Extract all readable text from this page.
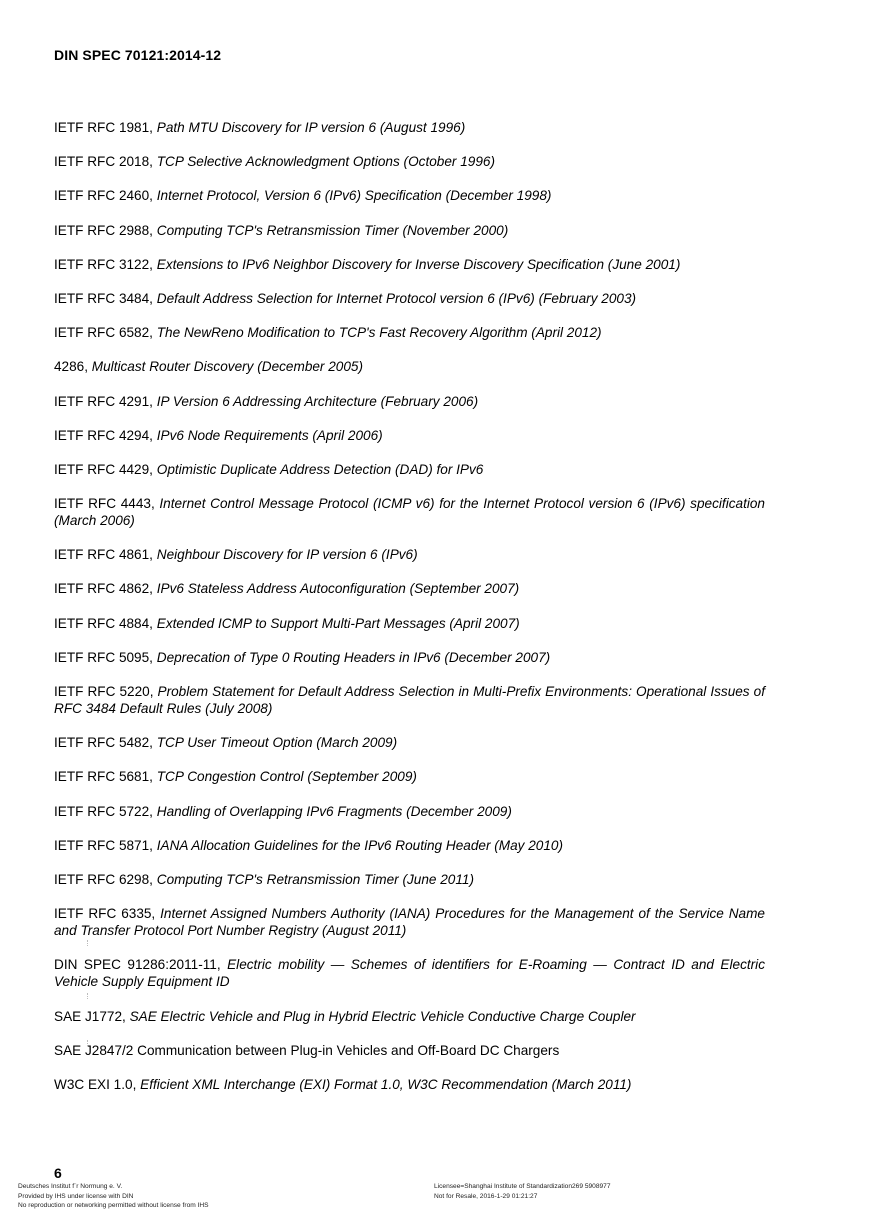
DIN SPEC 70121:2014-12

IETF RFC 1981, Path MTU Discovery for IP version 6 (August 1996)

IETF RFC 2018, TCP Selective Acknowledgment Options (October 1996)

IETF RFC 2460, Internet Protocol, Version 6 (IPv6) Specification (December 1998)

IETF RFC 2988, Computing TCP's Retransmission Timer (November 2000)

IETF RFC 3122, Extensions to IPv6 Neighbor Discovery for Inverse Discovery Specification (June 2001)

IETF RFC 3484, Default Address Selection for Internet Protocol version 6 (IPv6) (February 2003)

IETF RFC 6582, The NewReno Modification to TCP's Fast Recovery Algorithm (April 2012)

4286, Multicast Router Discovery (December 2005)

IETF RFC 4291, IP Version 6 Addressing Architecture (February 2006)

IETF RFC 4294, IPv6 Node Requirements (April 2006)

IETF RFC 4429, Optimistic Duplicate Address Detection (DAD) for IPv6

IETF RFC 4443, Internet Control Message Protocol (ICMP v6) for the Internet Protocol version 6 (IPv6) specification (March 2006)

IETF RFC 4861, Neighbour Discovery for IP version 6 (IPv6)

IETF RFC 4862, IPv6 Stateless Address Autoconfiguration (September 2007)

IETF RFC 4884, Extended ICMP to Support Multi-Part Messages (April 2007)

IETF RFC 5095, Deprecation of Type 0 Routing Headers in IPv6 (December 2007)

IETF RFC 5220, Problem Statement for Default Address Selection in Multi-Prefix Environments: Operational Issues of RFC 3484 Default Rules (July 2008)

IETF RFC 5482, TCP User Timeout Option (March 2009)

IETF RFC 5681, TCP Congestion Control (September 2009)

IETF RFC 5722, Handling of Overlapping IPv6 Fragments (December 2009)

IETF RFC 5871, IANA Allocation Guidelines for the IPv6 Routing Header (May 2010)

IETF RFC 6298, Computing TCP's Retransmission Timer (June 2011)

IETF RFC 6335, Internet Assigned Numbers Authority (IANA) Procedures for the Management of the Service Name and Transfer Protocol Port Number Registry (August 2011)

DIN SPEC 91286:2011-11, Electric mobility — Schemes of identifiers for E-Roaming — Contract ID and Electric Vehicle Supply Equipment ID

SAE J1772, SAE Electric Vehicle and Plug in Hybrid Electric Vehicle Conductive Charge Coupler

SAE J2847/2 Communication between Plug-in Vehicles and Off-Board DC Chargers

W3C EXI 1.0, Efficient XML Interchange (EXI) Format 1.0, W3C Recommendation (March 2011)

6
Deutsches Institut f¨r Normung e. V.
Provided by IHS under license with DIN
No reproduction or networking permitted without license from IHS
Licensee=Shanghai Institute of Standardization269 5908977
Not for Resale, 2016-1-29 01:21:27
